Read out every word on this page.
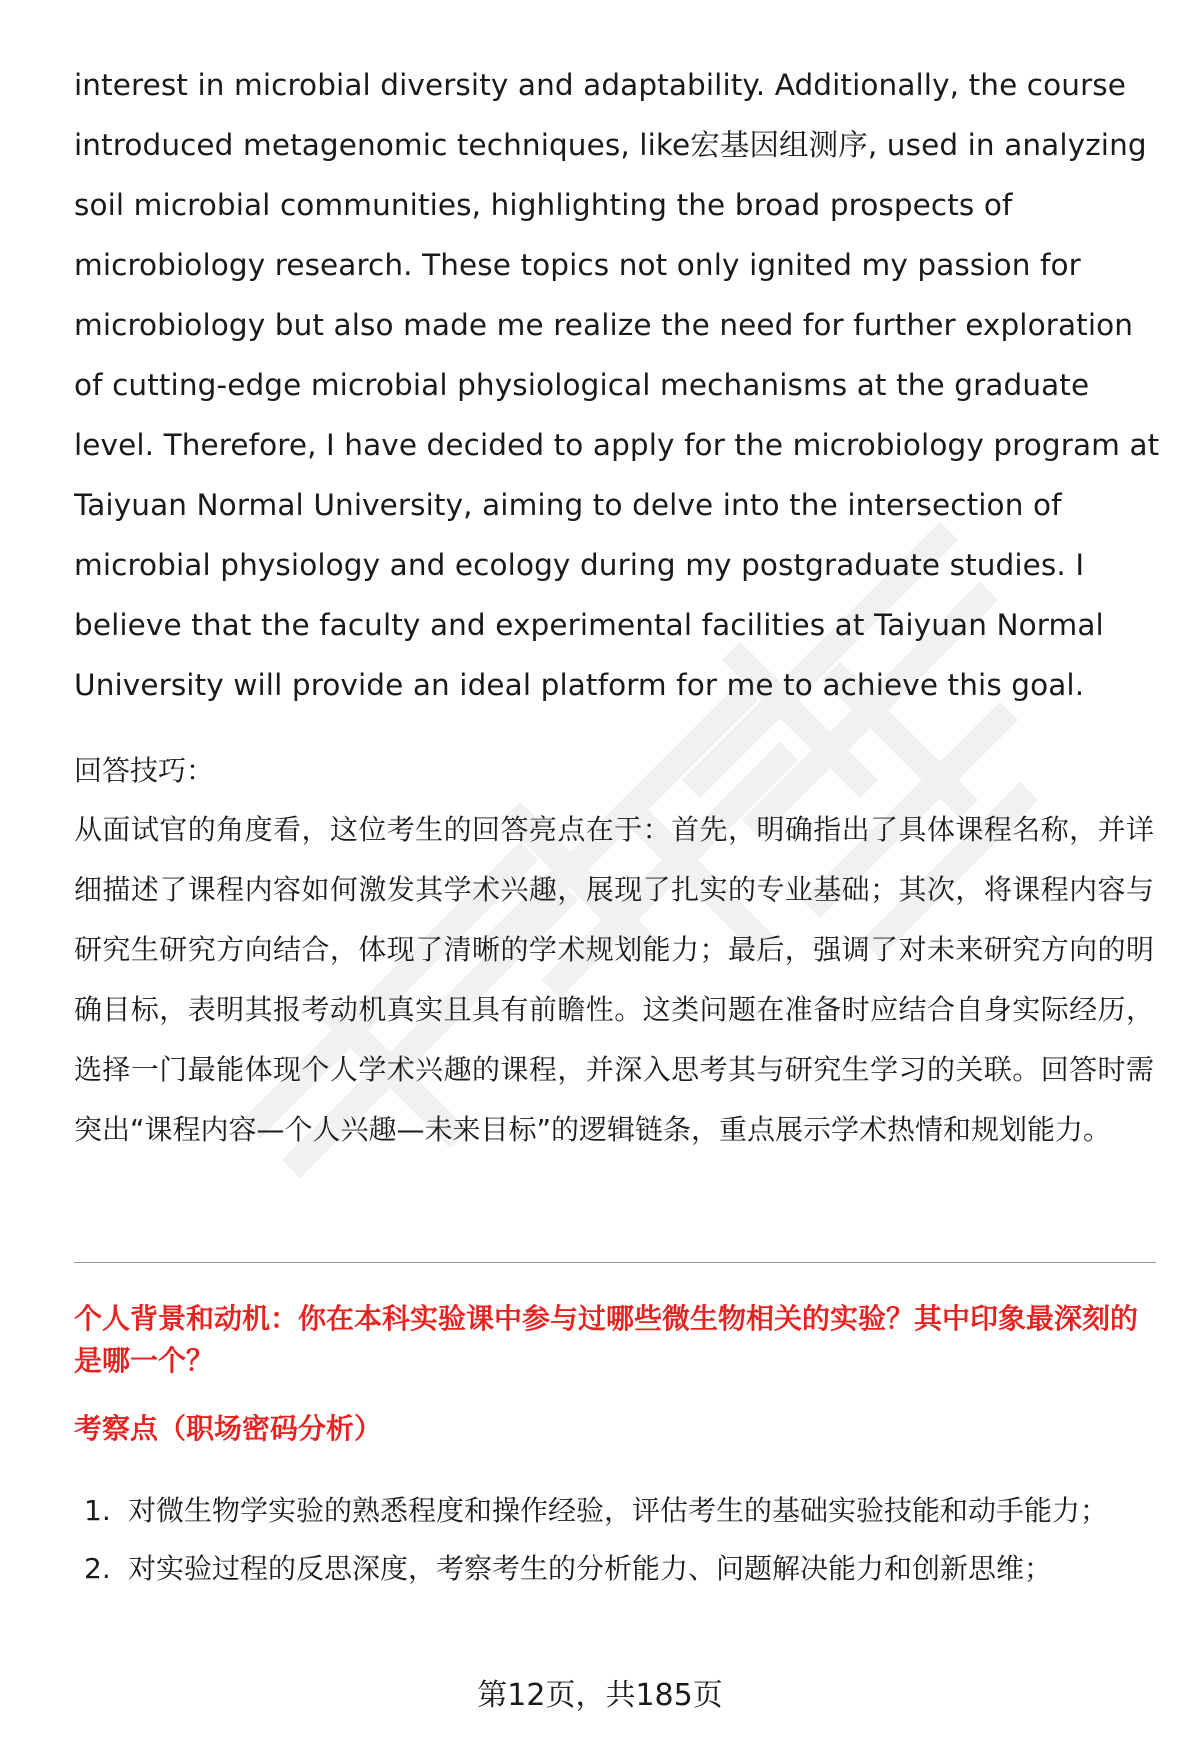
interest in microbial diversity and adaptability. Additionally, the course introduced metagenomic techniques, like宏基因组测序, used in analyzing soil microbial communities, highlighting the broad prospects of microbiology research. These topics not only ignited my passion for microbiology but also made me realize the need for further exploration of cutting-edge microbial physiological mechanisms at the graduate level. Therefore, I have decided to apply for the microbiology program at Taiyuan Normal University, aiming to delve into the intersection of microbial physiology and ecology during my postgraduate studies. I believe that the faculty and experimental facilities at Taiyuan Normal University will provide an ideal platform for me to achieve this goal.

回答技巧：

从面试官的角度看，这位考生的回答亮点在于：首先，明确指出了具体课程名称，并详细描述了课程内容如何激发其学术兴趣，展现了扎实的专业基础；其次，将课程内容与研究生研究方向结合，体现了清晰的学术规划能力；最后，强调了对未来研究方向的明确目标，表明其报考动机真实且具有前瞻性。这类问题在准备时应结合自身实际经历，选择一门最能体现个人学术兴趣的课程，并深入思考其与研究生学习的关联。回答时需突出“课程内容—个人兴趣—未来目标”的逻辑链条，重点展示学术热情和规划能力。

个人背景和动机：你在本科实验课中参与过哪些微生物相关的实验？其中印象最深刻的是哪一个？

考察点（职场密码分析）

1. 对微生物学实验的熟悉程度和操作经验，评估考生的基础实验技能和动手能力；
2. 对实验过程的反思深度，考察考生的分析能力、问题解决能力和创新思维；

第12页，共185页
